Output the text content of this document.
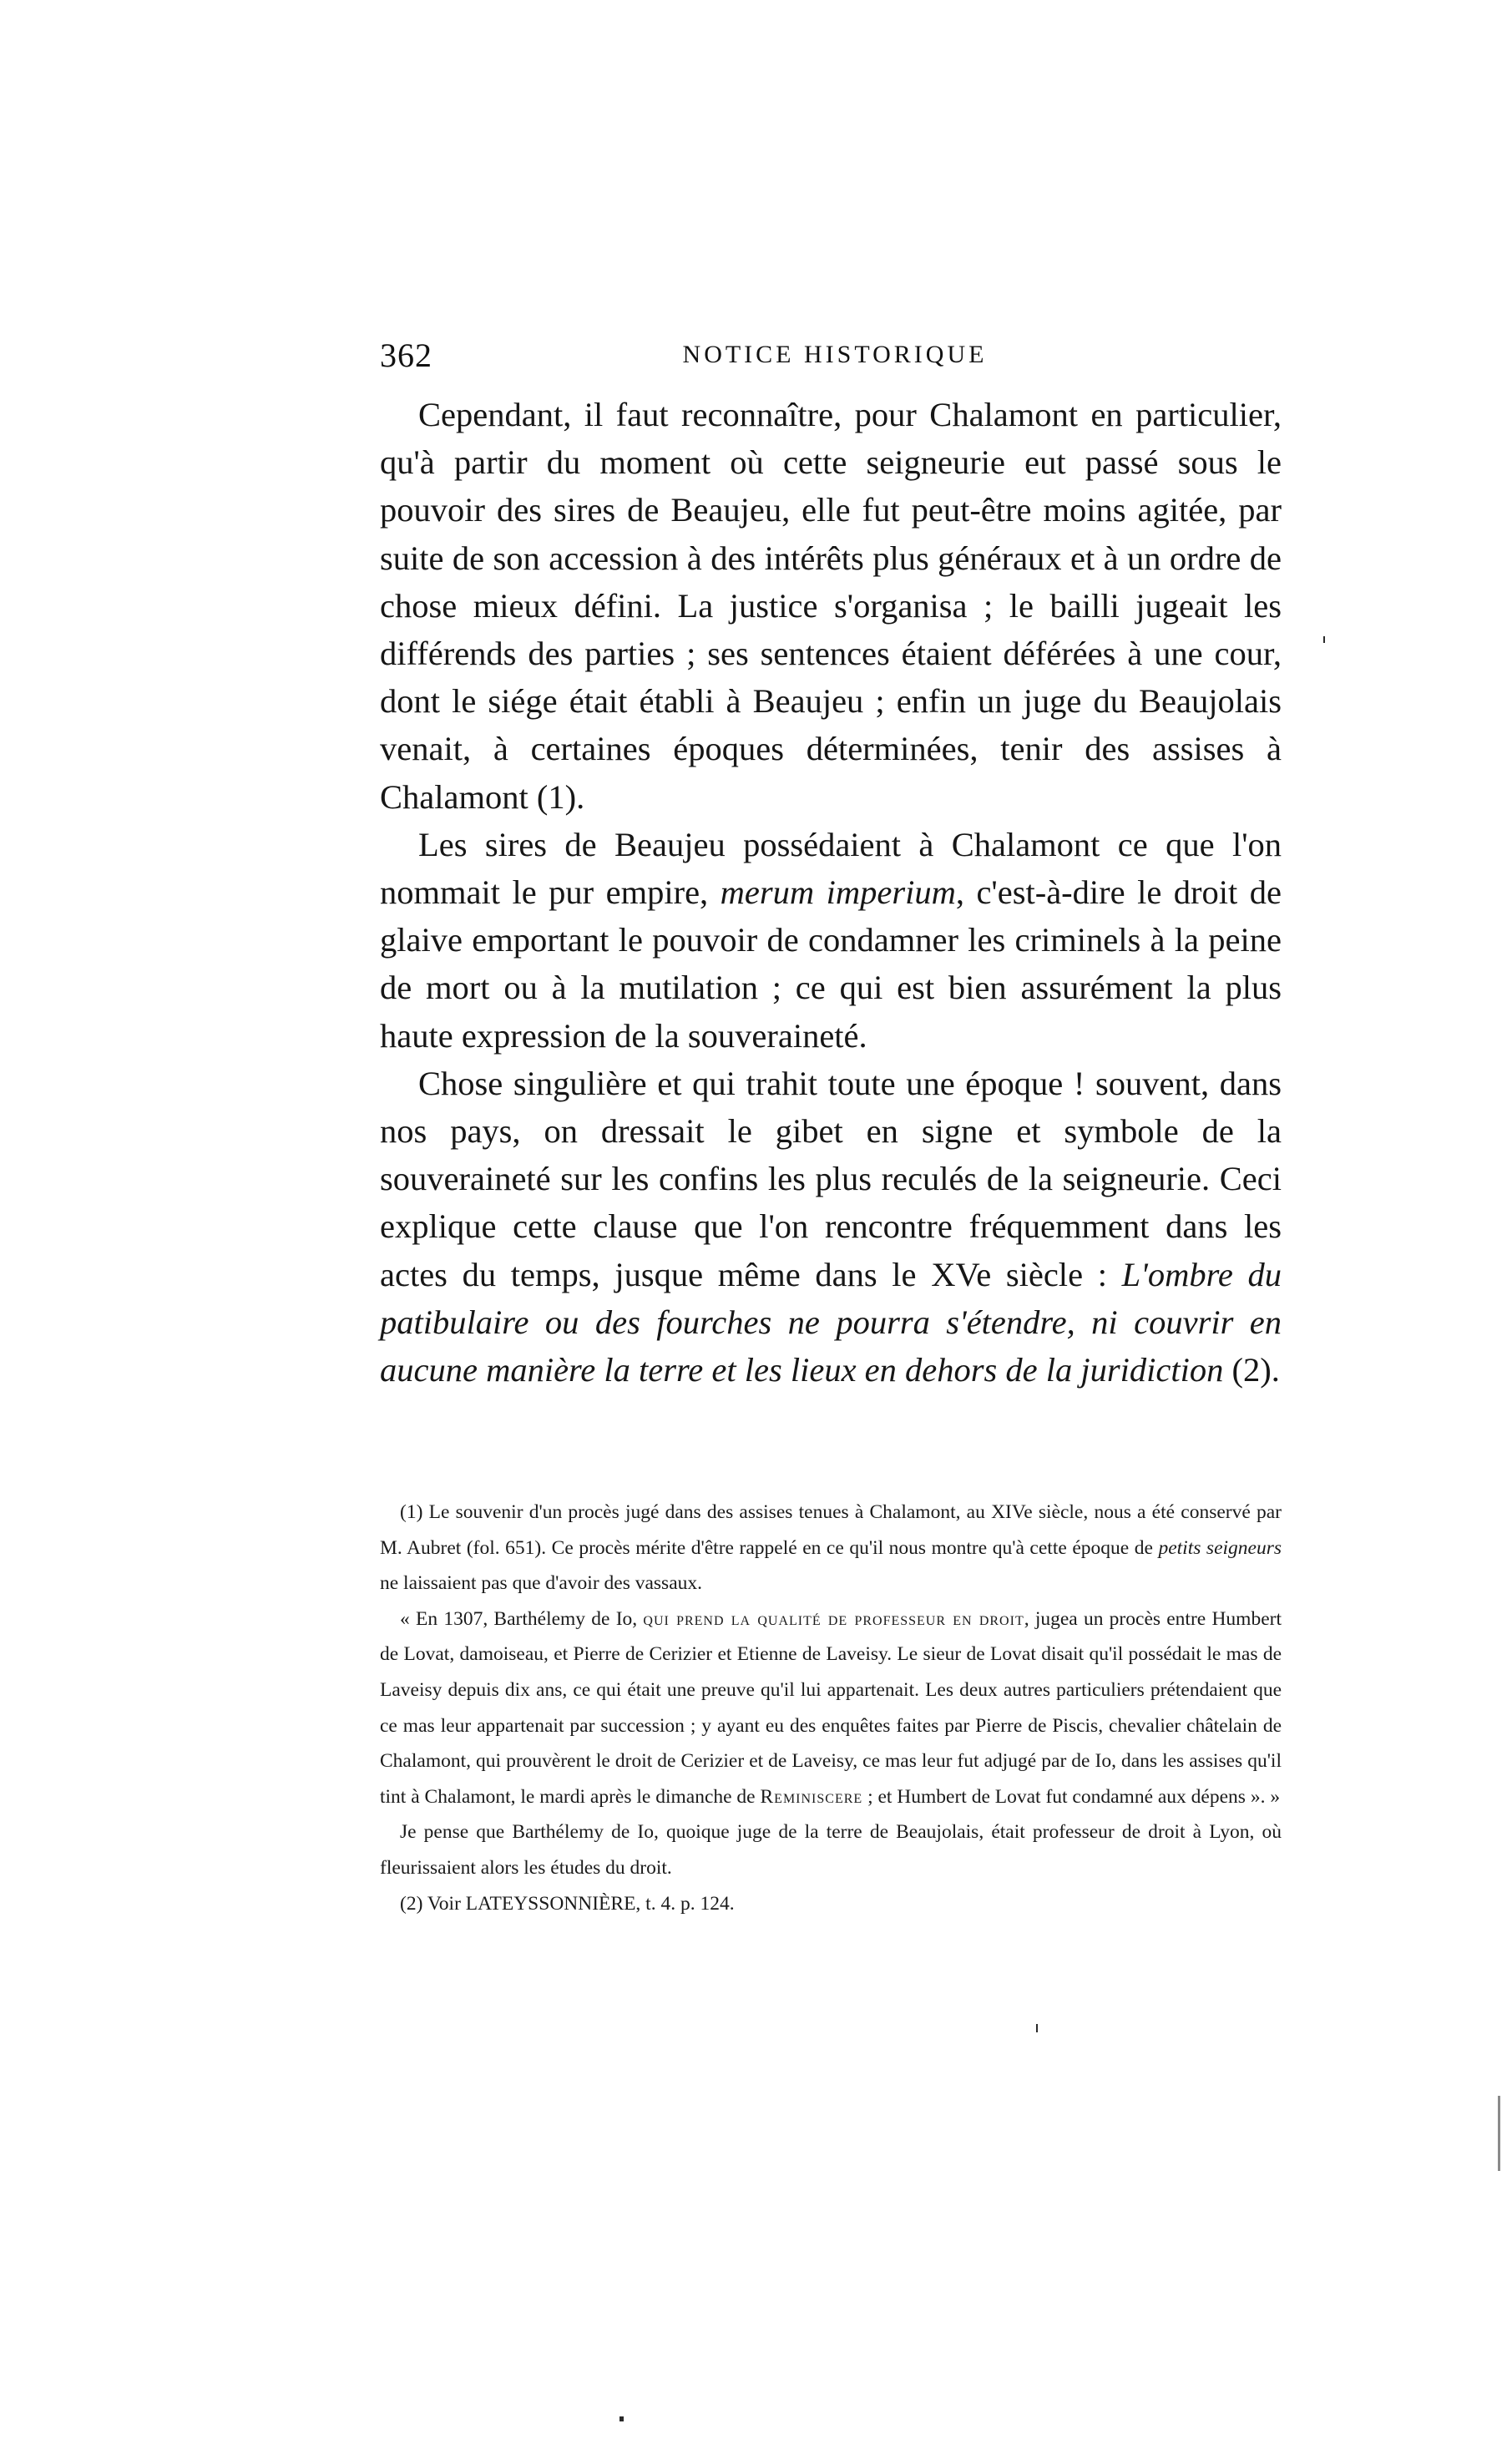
362	NOTICE HISTORIQUE

Cependant, il faut reconnaître, pour Chalamont en particulier, qu'à partir du moment où cette seigneurie eut passé sous le pouvoir des sires de Beaujeu, elle fut peut-être moins agitée, par suite de son accession à des intérêts plus généraux et à un ordre de chose mieux défini. La justice s'organisa ; le bailli jugeait les différends des parties ; ses sentences étaient déférées à une cour, dont le siége était établi à Beaujeu ; enfin un juge du Beaujolais venait, à certaines époques déterminées, tenir des assises à Chalamont (1).

Les sires de Beaujeu possédaient à Chalamont ce que l'on nommait le pur empire, merum imperium, c'est-à-dire le droit de glaive emportant le pouvoir de condamner les criminels à la peine de mort ou à la mutilation ; ce qui est bien assurément la plus haute expression de la souveraineté.

Chose singulière et qui trahit toute une époque ! souvent, dans nos pays, on dressait le gibet en signe et symbole de la souveraineté sur les confins les plus reculés de la seigneurie. Ceci explique cette clause que l'on rencontre fréquemment dans les actes du temps, jusque même dans le XVe siècle : L'ombre du patibulaire ou des fourches ne pourra s'étendre, ni couvrir en aucune manière la terre et les lieux en dehors de la juridiction (2).

(1) Le souvenir d'un procès jugé dans des assises tenues à Chalamont, au XIVe siècle, nous a été conservé par M. Aubret (fol. 651). Ce procès mérite d'être rappelé en ce qu'il nous montre qu'à cette époque de petits seigneurs ne laissaient pas que d'avoir des vassaux.

« En 1307, Barthélemy de Io, qui prend la qualité de professeur en droit, jugea un procès entre Humbert de Lovat, damoiseau, et Pierre de Cerizier et Etienne de Laveisy. Le sieur de Lovat disait qu'il possédait le mas de Laveisy depuis dix ans, ce qui était une preuve qu'il lui appartenait. Les deux autres particuliers prétendaient que ce mas leur appartenait par succession ; y ayant eu des enquêtes faites par Pierre de Piscis, chevalier châtelain de Chalamont, qui prouvèrent le droit de Cerizier et de Laveisy, ce mas leur fut adjugé par de Io, dans les assises qu'il tint à Chalamont, le mardi après le dimanche de Reminiscere ; et Humbert de Lovat fut condamné aux dépens ». »

Je pense que Barthélemy de Io, quoique juge de la terre de Beaujolais, était professeur de droit à Lyon, où fleurissaient alors les études du droit.

(2) Voir LATEYSSONNIÈRE, t. 4. p. 124.
